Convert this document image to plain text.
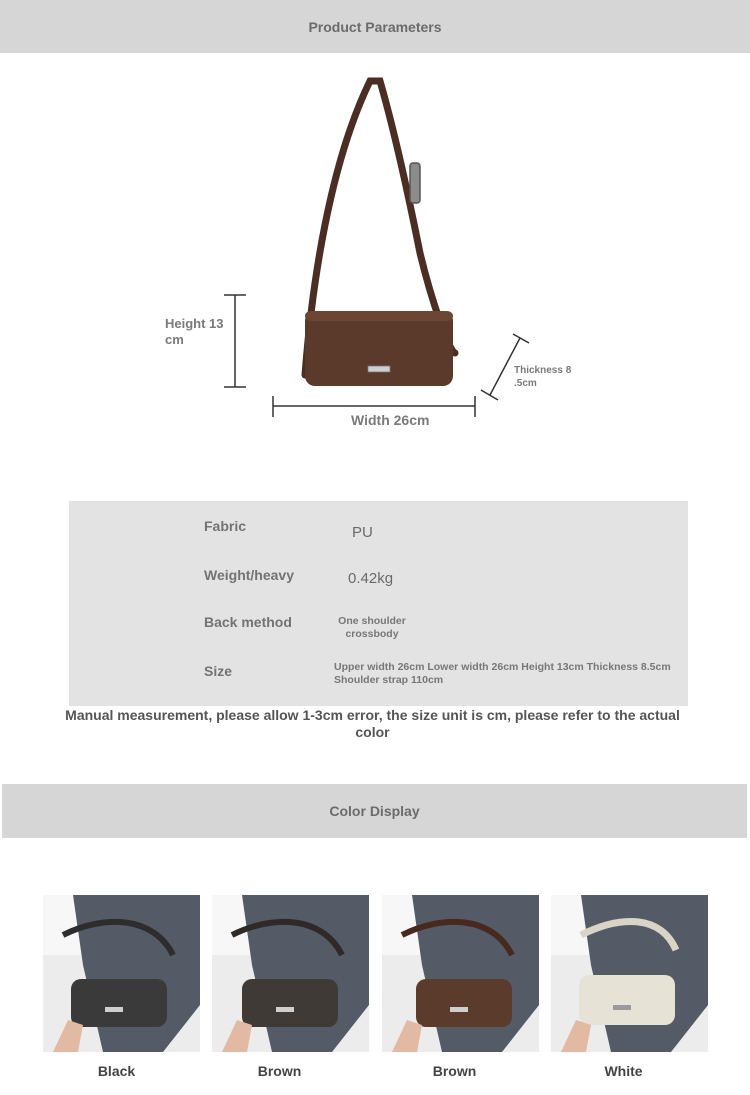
Product Parameters
Height 13
cm
Thickness 8
.5cm
Width 26cm
Fabric	PU
Weight/heavy	0.42kg
Back method	One shoulder
crossbody
Size	Upper width 26cm Lower width 26cm Height 13cm Thickness 8.5cm
Shoulder strap 110cm
Manual measurement, please allow 1-3cm error, the size unit is cm, please refer to the actual color
Color Display
Black	Brown	Brown	White
